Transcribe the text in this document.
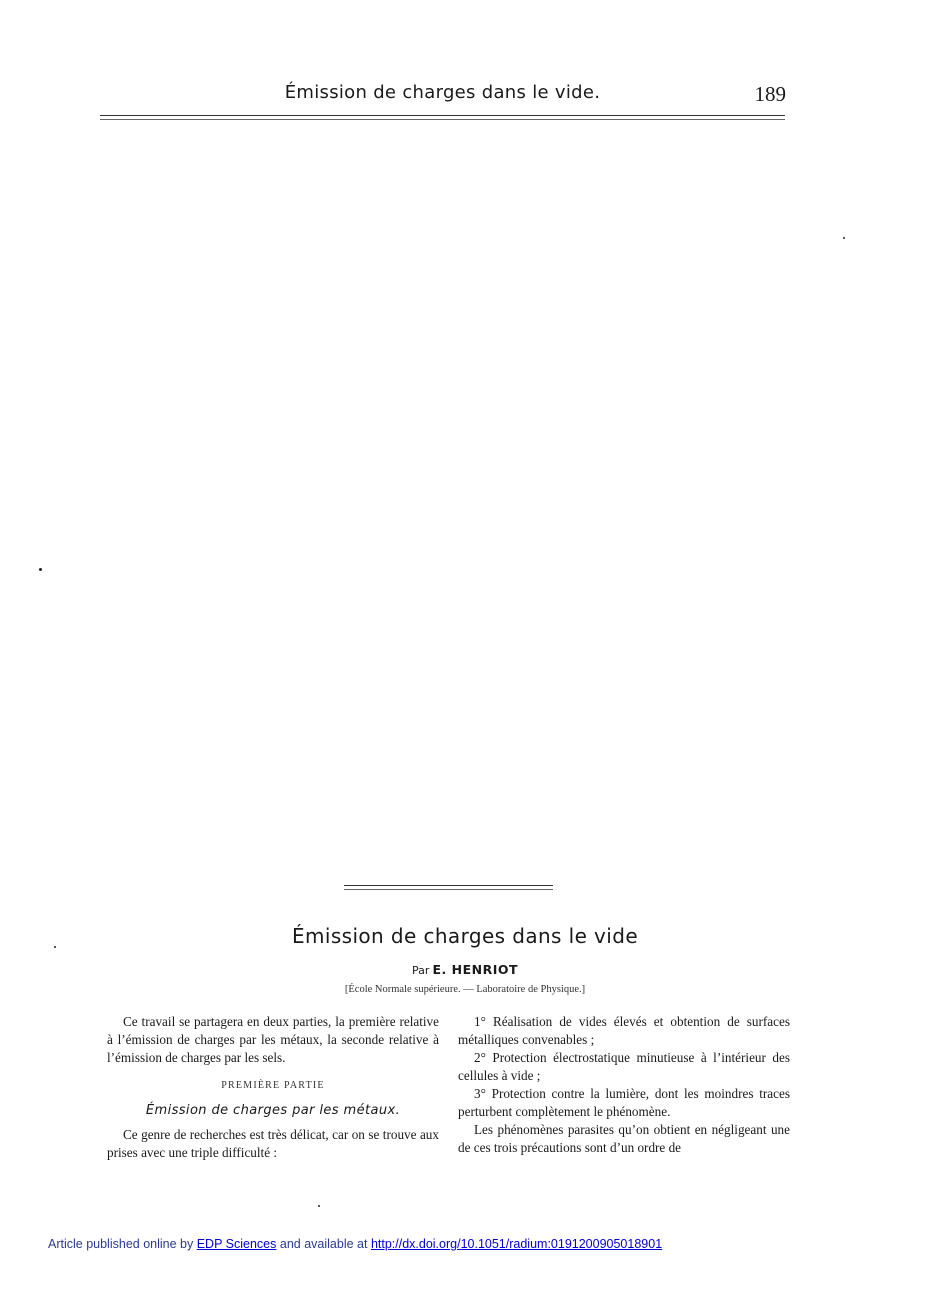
Émission de charges dans le vide.	189
Émission de charges dans le vide
Par E. HENRIOT
[École Normale supérieure. — Laboratoire de Physique.]

Ce travail se partagera en deux parties, la première relative à l’émission de charges par les métaux, la seconde relative à l’émission de charges par les sels.

PREMIÈRE PARTIE

Émission de charges par les métaux.

Ce genre de recherches est très délicat, car on se trouve aux prises avec une triple difficulté :

1° Réalisation de vides élevés et obtention de surfaces métalliques convenables ;

2° Protection électrostatique minutieuse à l’intérieur des cellules à vide ;

3° Protection contre la lumière, dont les moindres traces perturbent complètement le phénomène.

Les phénomènes parasites qu’on obtient en négligeant une de ces trois précautions sont d’un ordre de

Article published online by EDP Sciences and available at http://dx.doi.org/10.1051/radium:0191200905018901
